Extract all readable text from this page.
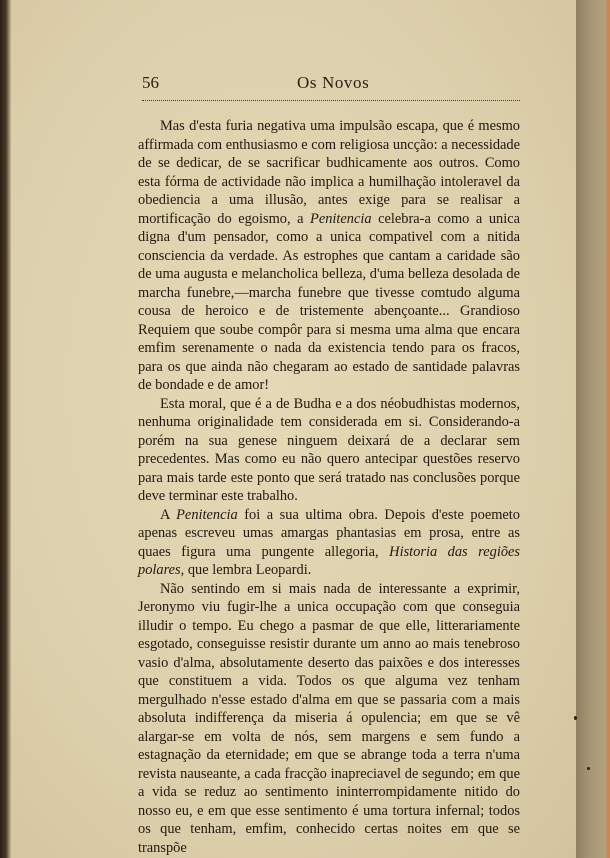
56	Os Novos

Mas d'esta furia negativa uma impulsão escapa, que é mesmo affirmada com enthusiasmo e com religiosa uncção: a necessidade de se dedicar, de se sacrificar budhicamente aos outros. Como esta fórma de actividade não implica a humilhação intoleravel da obediencia a uma illusão, antes exige para se realisar a mortificação do egoismo, a Penitencia celebra-a como a unica digna d'um pensador, como a unica compativel com a nitida consciencia da verdade. As estrophes que cantam a caridade são de uma augusta e melancholica belleza, d'uma belleza desolada de marcha funebre,—marcha funebre que tivesse comtudo alguma cousa de heroico e de tristemente abençoante... Grandioso Requiem que soube compôr para si mesma uma alma que encara emfim serenamente o nada da existencia tendo para os fracos, para os que ainda não chegaram ao estado de santidade palavras de bondade e de amor!

Esta moral, que é a de Budha e a dos néobudhistas modernos, nenhuma originalidade tem considerada em si. Considerando-a porém na sua genese ninguem deixará de a declarar sem precedentes. Mas como eu não quero antecipar questões reservo para mais tarde este ponto que será tratado nas conclusões porque deve terminar este trabalho.

A Penitencia foi a sua ultima obra. Depois d'este poemeto apenas escreveu umas amargas phantasias em prosa, entre as quaes figura uma pungente allegoria, Historia das regiões polares, que lembra Leopardi.

Não sentindo em si mais nada de interessante a exprimir, Jeronymo viu fugir-lhe a unica occupação com que conseguia illudir o tempo. Eu chego a pasmar de que elle, litterariamente esgotado, conseguisse resistir durante um anno ao mais tenebroso vasio d'alma, absolutamente deserto das paixões e dos interesses que constituem a vida. Todos os que alguma vez tenham mergulhado n'esse estado d'alma em que se passaria com a mais absoluta indifferença da miseria á opulencia; em que se vê alargar-se em volta de nós, sem margens e sem fundo a estagnação da eternidade; em que se abrange toda a terra n'uma revista nauseante, a cada fracção inapreciavel de segundo; em que a vida se reduz ao sentimento ininterrompidamente nitido do nosso eu, e em que esse sentimento é uma tortura infernal; todos os que tenham, emfim, conhecido certas noites em que se transpõe
